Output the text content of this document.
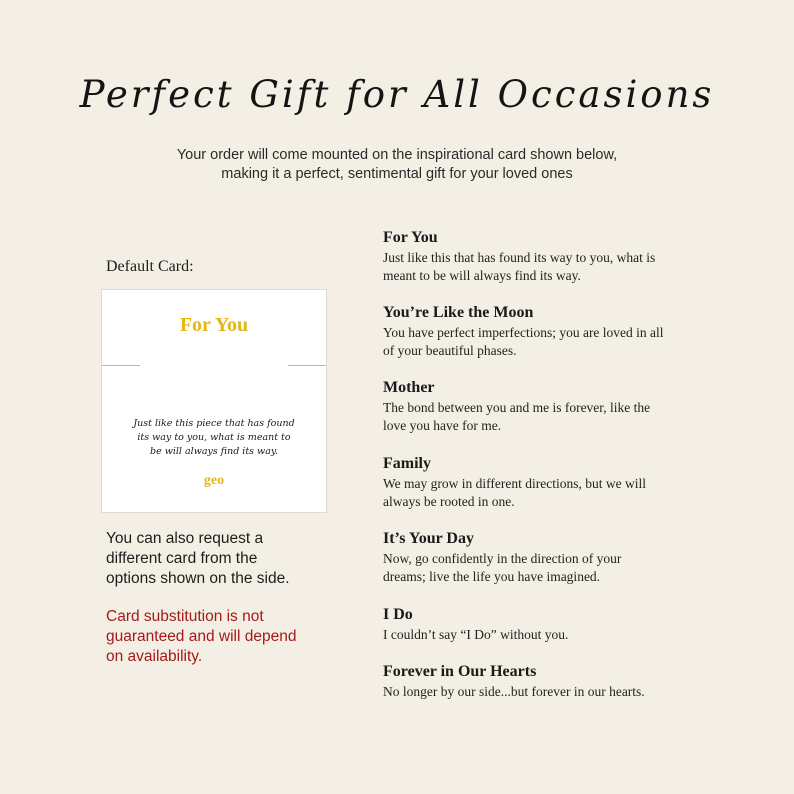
Perfect Gift for All Occasions
Your order will come mounted on the inspirational card shown below,
making it a perfect, sentimental gift for your loved ones
Default Card:
For You
Just like this piece that has found
its way to you, what is meant to
be will always find its way.
geo
You can also request a
different card from the
options shown on the side.
Card substitution is not
guaranteed and will depend
on availability.
For You
Just like this that has found its way to you, what is
meant to be will always find its way.
You’re Like the Moon
You have perfect imperfections; you are loved in all
of your beautiful phases.
Mother
The bond between you and me is forever, like the
love you have for me.
Family
We may grow in different directions, but we will
always be rooted in one.
It’s Your Day
Now, go confidently in the direction of your
dreams; live the life you have imagined.
I Do
I couldn’t say “I Do” without you.
Forever in Our Hearts
No longer by our side...but forever in our hearts.
